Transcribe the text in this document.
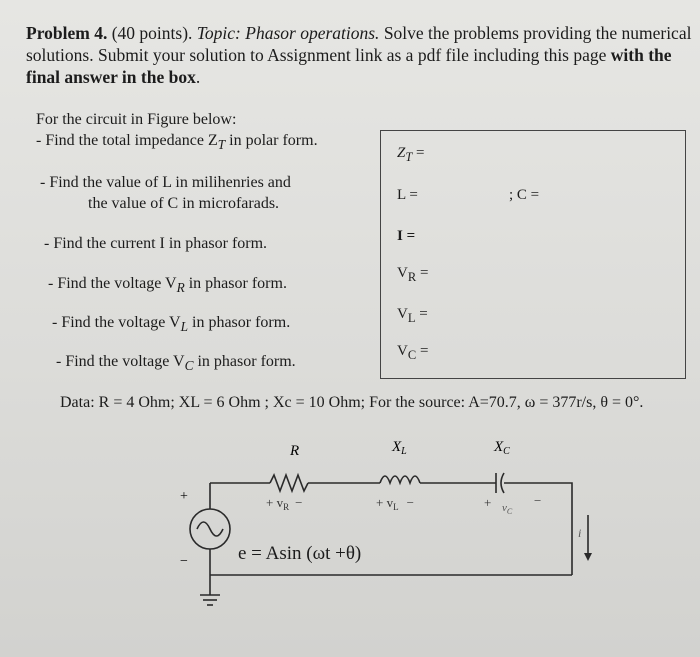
Problem 4. (40 points). Topic: Phasor operations. Solve the problems providing the numerical solutions. Submit your solution to Assignment link as a pdf file including this page with the final answer in the box.
For the circuit in Figure below:
- Find the total impedance $Z_T$ in polar form.
- Find the value of L in milihenries and
the value of C in microfarads.
- Find the current I in phasor form.
- Find the voltage $V_R$ in phasor form.
- Find the voltage $V_L$ in phasor form.
- Find the voltage $V_C$ in phasor form.
$Z_T$ =
L =	; C =
I =
$V_R$ =
$V_L$ =
$V_C$ =
Data: R = 4 Ohm; XL = 6 Ohm ; Xc = 10 Ohm; For the source: A=70.7, ω = 377r/s, θ = 0°.
R	$X_L$	$X_C$
+ $v_R$ −	+ $v_L$ −	+ $v_C$
−
+
−
i
e = Asin (ωt +θ)
